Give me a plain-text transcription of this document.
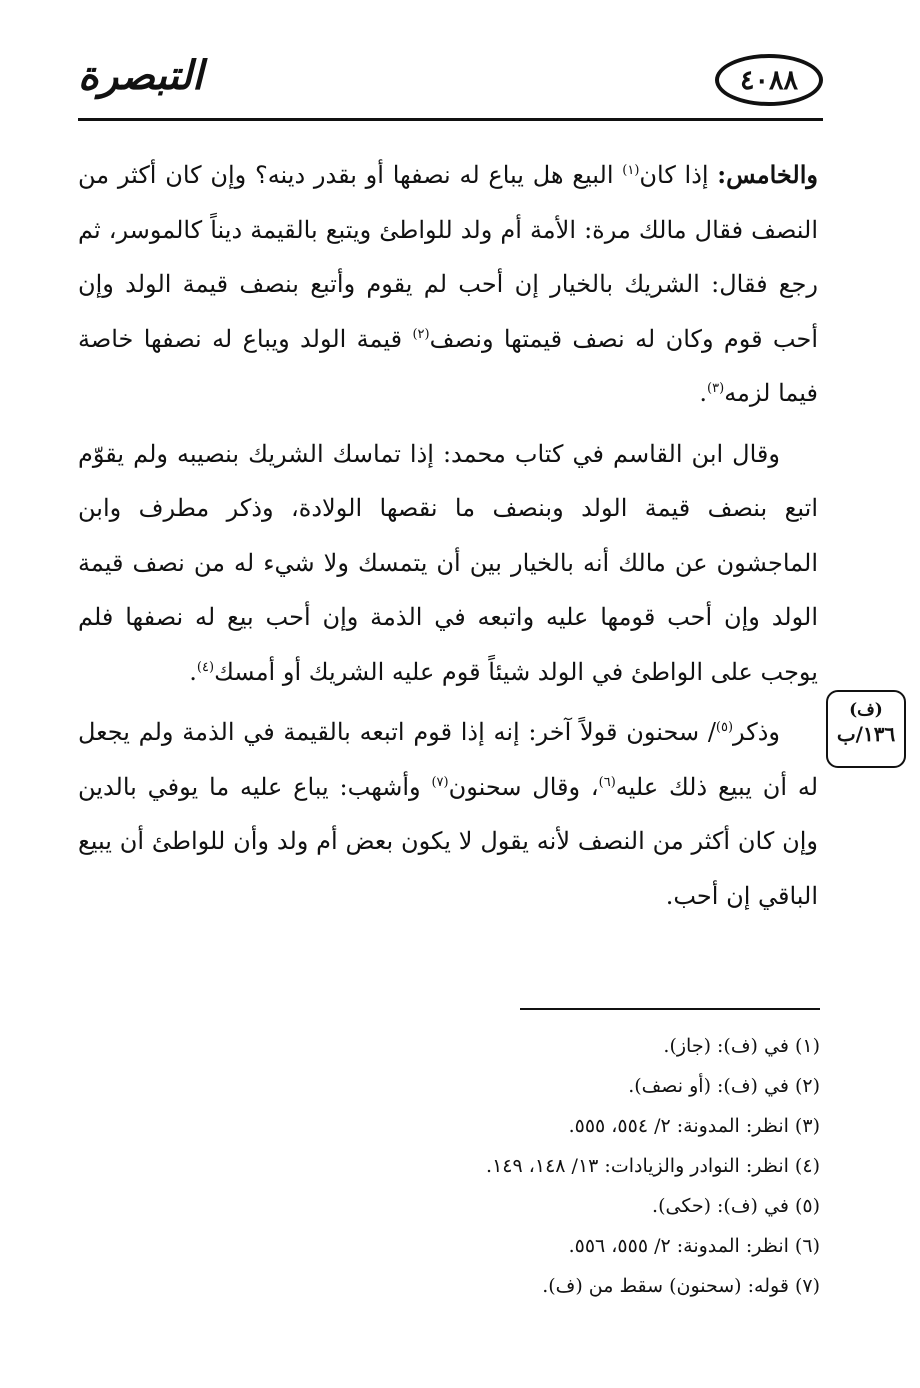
التبصرة	٤٠٨٨

والخامس: إذا كان$^{(١)}$ البيع هل يباع له نصفها أو بقدر دينه؟ وإن كان أكثر من النصف فقال مالك مرة: الأمة أم ولد للواطئ ويتبع بالقيمة ديناً كالموسر، ثم رجع فقال: الشريك بالخيار إن أحب لم يقوم وأتبع بنصف قيمة الولد وإن أحب قوم وكان له نصف قيمتها ونصف$^{(٢)}$ قيمة الولد ويباع له نصفها خاصة فيما لزمه$^{(٣)}$.

وقال ابن القاسم في كتاب محمد: إذا تماسك الشريك بنصيبه ولم يقوّم اتبع بنصف قيمة الولد وبنصف ما نقصها الولادة، وذكر مطرف وابن الماجشون عن مالك أنه بالخيار بين أن يتمسك ولا شيء له من نصف قيمة الولد وإن أحب قومها عليه واتبعه في الذمة وإن أحب بيع له نصفها فلم يوجب على الواطئ في الولد شيئاً قوم عليه الشريك أو أمسك$^{(٤)}$.

وذكر$^{(٥)}$/ سحنون قولاً آخر: إنه إذا قوم اتبعه بالقيمة في الذمة ولم يجعل له أن يبيع ذلك عليه$^{(٦)}$، وقال سحنون$^{(٧)}$ وأشهب: يباع عليه ما يوفي بالدين وإن كان أكثر من النصف لأنه يقول لا يكون بعض أم ولد وأن للواطئ أن يبيع الباقي إن أحب.

(ف)
١٣٦/ب
(١) في (ف): (جاز).
(٢) في (ف): (أو نصف).
(٣) انظر: المدونة: ٢/ ٥٥٤، ٥٥٥.
(٤) انظر: النوادر والزيادات: ١٣/ ١٤٨، ١٤٩.
(٥) في (ف): (حكى).
(٦) انظر: المدونة: ٢/ ٥٥٥، ٥٥٦.
(٧) قوله: (سحنون) سقط من (ف).
